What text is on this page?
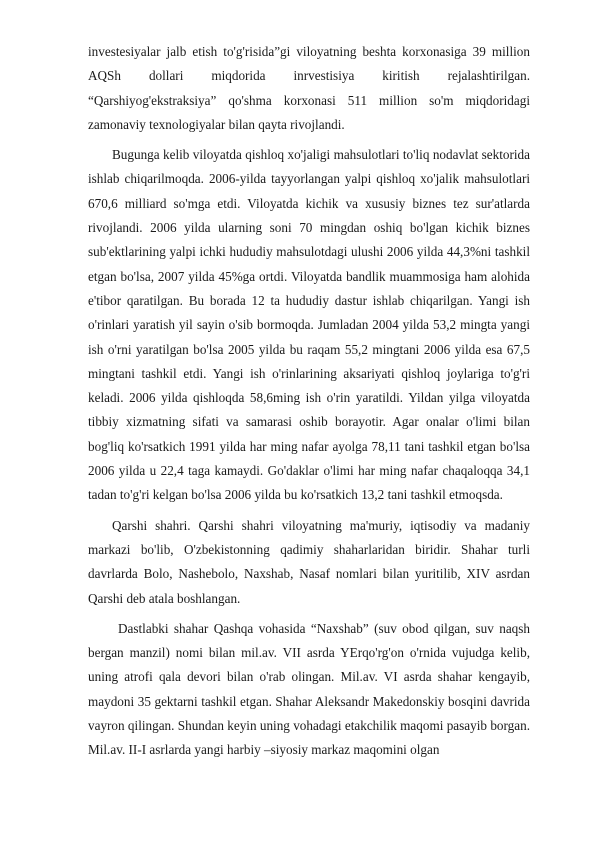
investesiyalar jalb etish to'g'risida”gi viloyatning beshta korxonasiga 39 million AQSh dollari miqdorida inrvestisiya kiritish rejalashtirilgan. “Qarshiyog'ekstraksiya” qo'shma korxonasi 511 million so'm miqdoridagi zamonaviy texnologiyalar bilan qayta rivojlandi.

Bugunga kelib viloyatda qishloq xo'jaligi mahsulotlari to'liq nodavlat sektorida ishlab chiqarilmoqda. 2006-yilda tayyorlangan yalpi qishloq xo'jalik mahsulotlari 670,6 milliard so'mga etdi. Viloyatda kichik va xususiy biznes tez sur'atlarda rivojlandi. 2006 yilda ularning soni 70 mingdan oshiq bo'lgan kichik biznes sub'ektlarining yalpi ichki hududiy mahsulotdagi ulushi 2006 yilda 44,3%ni tashkil etgan bo'lsa, 2007 yilda 45%ga ortdi. Viloyatda bandlik muammosiga ham alohida e'tibor qaratilgan. Bu borada 12 ta hududiy dastur ishlab chiqarilgan. Yangi ish o'rinlari yaratish yil sayin o'sib bormoqda. Jumladan 2004 yilda 53,2 mingta yangi ish o'rni yaratilgan bo'lsa 2005 yilda bu raqam 55,2 mingtani 2006 yilda esa 67,5 mingtani tashkil etdi. Yangi ish o'rinlarining aksariyati qishloq joylariga to'g'ri keladi. 2006 yilda qishloqda 58,6ming ish o'rin yaratildi. Yildan yilga viloyatda tibbiy xizmatning sifati va samarasi oshib borayotir. Agar onalar o'limi bilan bog'liq ko'rsatkich 1991 yilda har ming nafar ayolga 78,11 tani tashkil etgan bo'lsa 2006 yilda u 22,4 taga kamaydi. Go'daklar o'limi har ming nafar chaqaloqqa 34,1 tadan to'g'ri kelgan bo'lsa 2006 yilda bu ko'rsatkich 13,2 tani tashkil etmoqsda.

Qarshi shahri. Qarshi shahri viloyatning ma'muriy, iqtisodiy va madaniy markazi bo'lib, O'zbekistonning qadimiy shaharlaridan biridir. Shahar turli davrlarda Bolo, Nashebolo, Naxshab, Nasaf nomlari bilan yuritilib, XIV asrdan Qarshi deb atala boshlangan.

Dastlabki shahar Qashqa vohasida “Naxshab” (suv obod qilgan, suv naqsh bergan manzil) nomi bilan mil.av. VII asrda YErqo'rg'on o'rnida vujudga kelib, uning atrofi qala devori bilan o'rab olingan. Mil.av. VI asrda shahar kengayib, maydoni 35 gektarni tashkil etgan. Shahar Aleksandr Makedonskiy bosqini davrida vayron qilingan. Shundan keyin uning vohadagi etakchilik maqomi pasayib borgan. Mil.av. II-I asrlarda yangi harbiy –siyosiy markaz maqomini olgan
